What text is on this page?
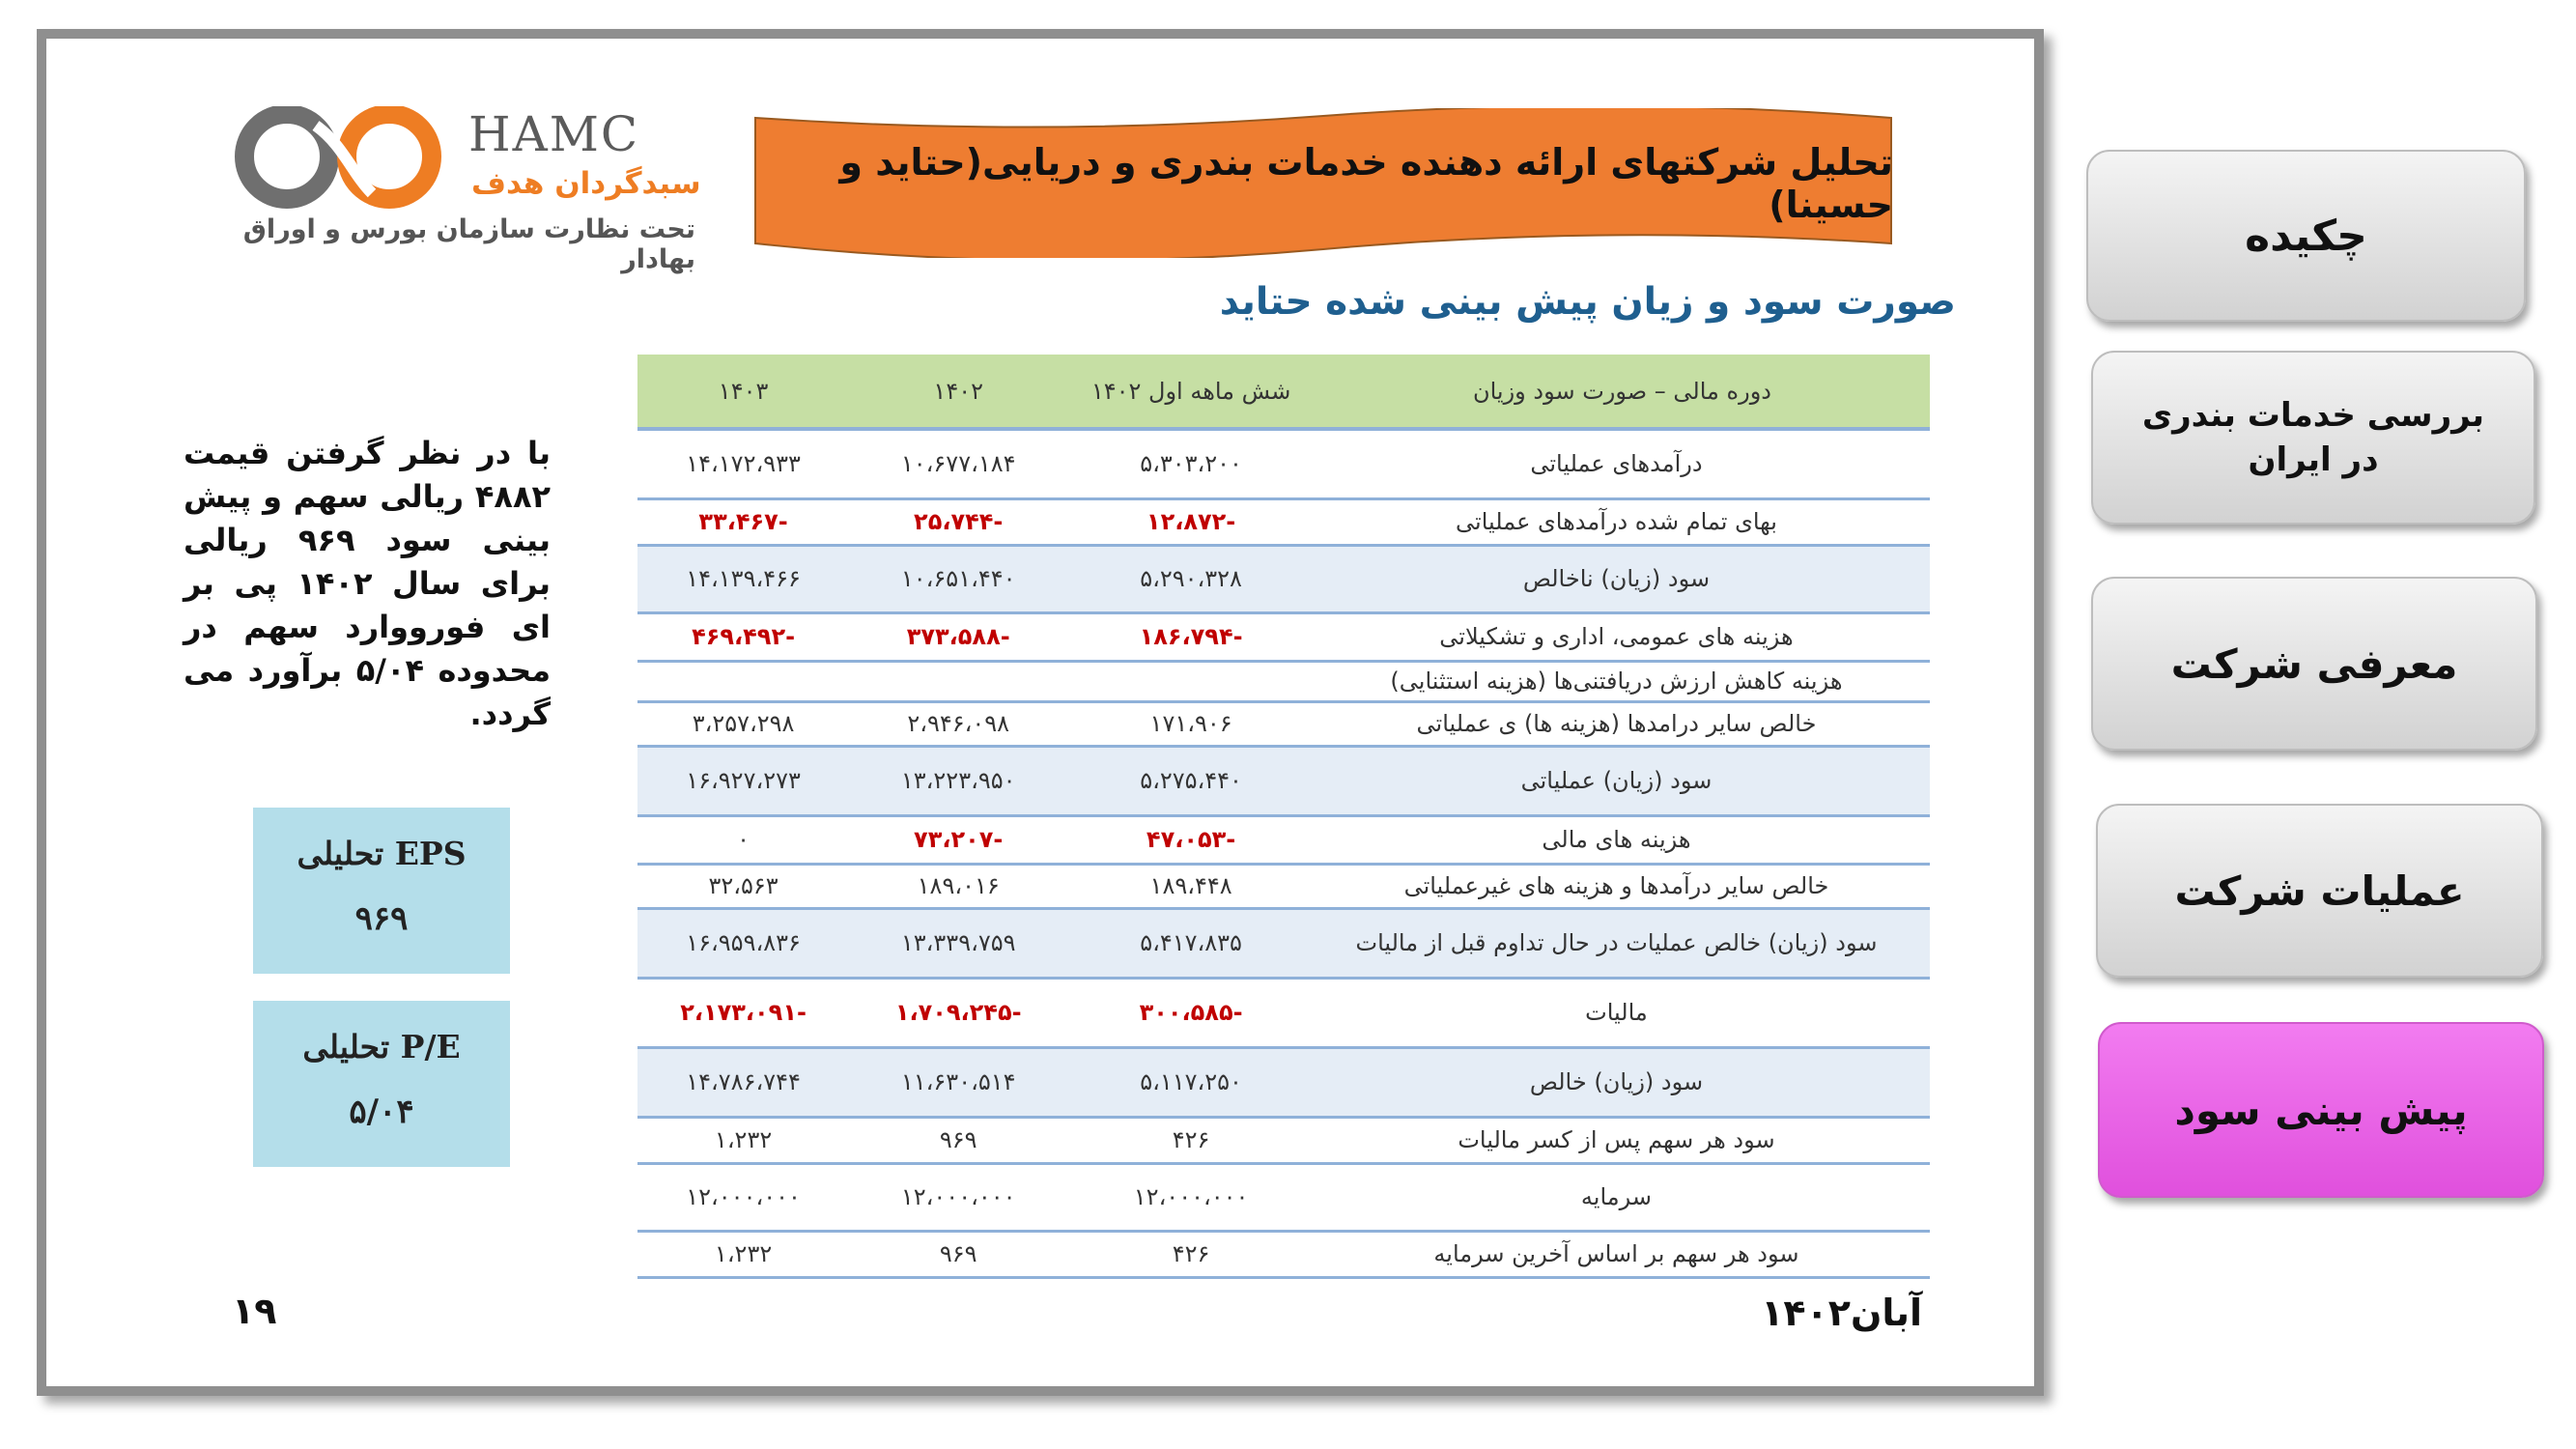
HAMC
سبدگردان هدف
تحت نظارت سازمان بورس و اوراق بهادار
تحلیل شرکتهای ارائه دهنده خدمات بندری و دریایی(حتاید و حسینا)
صورت سود و زیان پیش بینی شده حتاید
دوره مالی – صورت سود وزیان	شش ماهه اول ۱۴۰۲	۱۴۰۲	۱۴۰۳
درآمدهای عملیاتی	۵،۳۰۳،۲۰۰	۱۰،۶۷۷،۱۸۴	۱۴،۱۷۲،۹۳۳
بهای تمام شده درآمدهای عملیاتی	-۱۲،۸۷۲	-۲۵،۷۴۴	-۳۳،۴۶۷
سود (زیان) ناخالص	۵،۲۹۰،۳۲۸	۱۰،۶۵۱،۴۴۰	۱۴،۱۳۹،۴۶۶
هزینه های عمومی، اداری و تشکیلاتی	-۱۸۶،۷۹۴	-۳۷۳،۵۸۸	-۴۶۹،۴۹۲
هزینه کاهش ارزش دریافتنی‌ها (هزینه استثنایی)			
خالص سایر درامدها (هزینه ها) ی عملیاتی	۱۷۱،۹۰۶	۲،۹۴۶،۰۹۸	۳،۲۵۷،۲۹۸
سود (زیان) عملیاتی	۵،۲۷۵،۴۴۰	۱۳،۲۲۳،۹۵۰	۱۶،۹۲۷،۲۷۳
هزینه های مالی	-۴۷،۰۵۳	-۷۳،۲۰۷	۰
خالص سایر درآمدها و هزینه های غیرعملیاتی	۱۸۹،۴۴۸	۱۸۹،۰۱۶	۳۲،۵۶۳
سود (زیان) خالص عملیات در حال تداوم قبل از مالیات	۵،۴۱۷،۸۳۵	۱۳،۳۳۹،۷۵۹	۱۶،۹۵۹،۸۳۶
مالیات	-۳۰۰،۵۸۵	-۱،۷۰۹،۲۴۵	-۲،۱۷۳،۰۹۱
سود (زیان) خالص	۵،۱۱۷،۲۵۰	۱۱،۶۳۰،۵۱۴	۱۴،۷۸۶،۷۴۴
سود هر سهم پس از کسر مالیات	۴۲۶	۹۶۹	۱،۲۳۲
سرمایه	۱۲،۰۰۰،۰۰۰	۱۲،۰۰۰،۰۰۰	۱۲،۰۰۰،۰۰۰
سود هر سهم بر اساس آخرین سرمایه	۴۲۶	۹۶۹	۱،۲۳۲
با در نظر گرفتن قیمت ۴۸۸۲ ریالی سهم و پیش بینی سود ۹۶۹ ریالی برای سال ۱۴۰۲ پی بر ای فورووارد سهم در محدوده ۵/۰۴ برآورد می گردد.
EPS تحلیلی
۹۶۹
P/E تحلیلی
۵/۰۴
آبان۱۴۰۲
۱۹
چکیده
بررسی خدمات بندری در ایران
معرفی شرکت
عملیات شرکت
پیش بینی سود
